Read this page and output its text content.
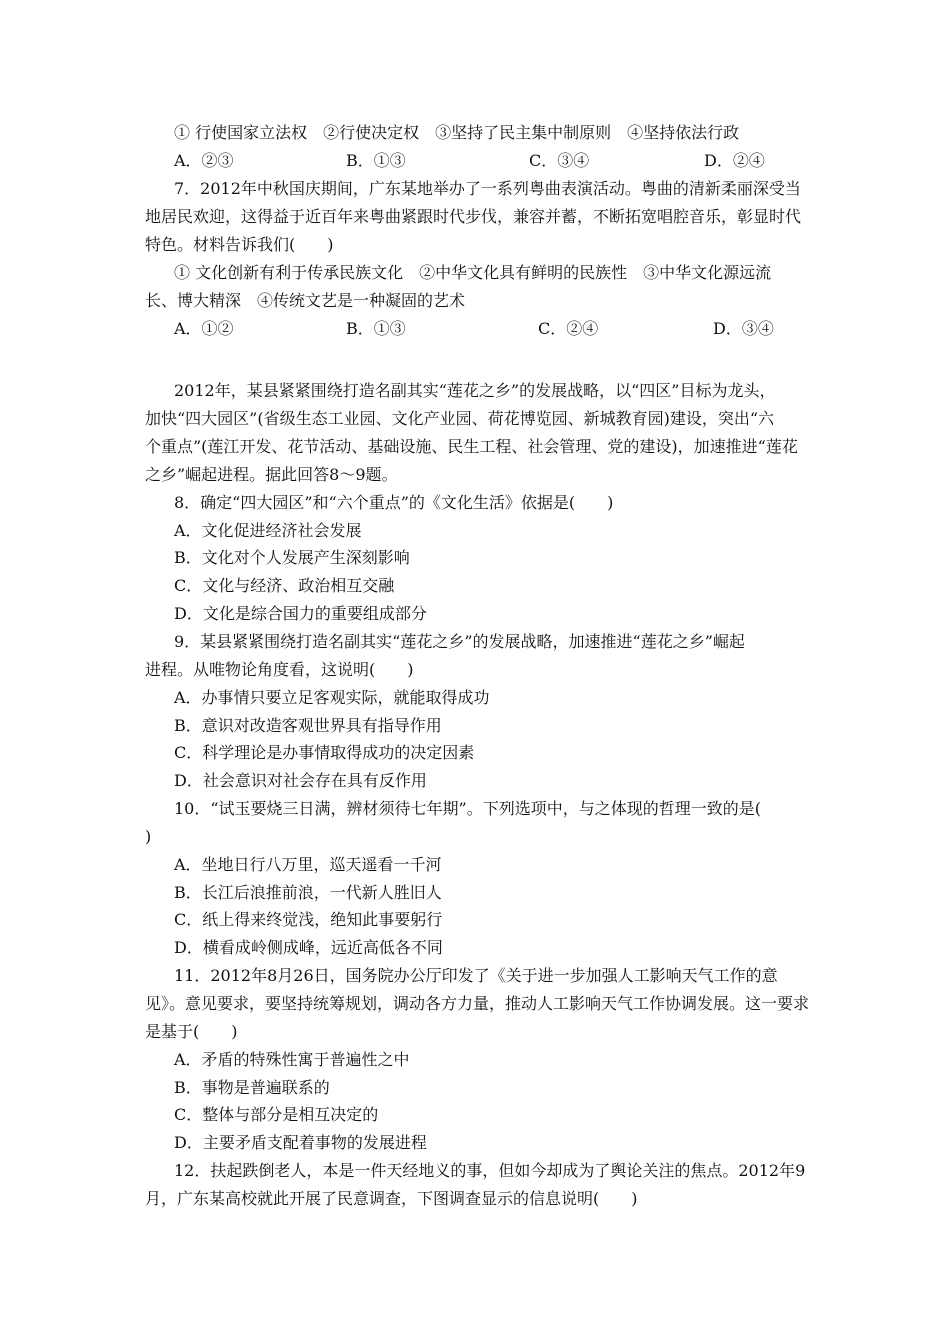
① 行使国家立法权　②行使决定权　③坚持了民主集中制原则　④坚持依法行政
A．②③	B．①③	C．③④	D．②④
7．2012年中秋国庆期间，广东某地举办了一系列粤曲表演活动。粤曲的清新柔丽深受当
地居民欢迎，这得益于近百年来粤曲紧跟时代步伐，兼容并蓄，不断拓宽唱腔音乐，彰显时代
特色。材料告诉我们(　　)
① 文化创新有利于传承民族文化　②中华文化具有鲜明的民族性　③中华文化源远流
长、博大精深　④传统文艺是一种凝固的艺术
A．①②	B．①③	C．②④	D．③④
2012年，某县紧紧围绕打造名副其实“莲花之乡”的发展战略，以“四区”目标为龙头，
加快“四大园区”(省级生态工业园、文化产业园、荷花博览园、新城教育园)建设，突出“六
个重点”(莲江开发、花节活动、基础设施、民生工程、社会管理、党的建设)，加速推进“莲花
之乡”崛起进程。据此回答8～9题。
8．确定“四大园区”和“六个重点”的《文化生活》依据是(　　)
A．文化促进经济社会发展
B．文化对个人发展产生深刻影响
C．文化与经济、政治相互交融
D．文化是综合国力的重要组成部分
9．某县紧紧围绕打造名副其实“莲花之乡”的发展战略，加速推进“莲花之乡”崛起
进程。从唯物论角度看，这说明(　　)
A．办事情只要立足客观实际，就能取得成功
B．意识对改造客观世界具有指导作用
C．科学理论是办事情取得成功的决定因素
D．社会意识对社会存在具有反作用
10．“试玉要烧三日满，辨材须待七年期”。下列选项中，与之体现的哲理一致的是(
)
A．坐地日行八万里，巡天遥看一千河
B．长江后浪推前浪，一代新人胜旧人
C．纸上得来终觉浅，绝知此事要躬行
D．横看成岭侧成峰，远近高低各不同
11．2012年8月26日，国务院办公厅印发了《关于进一步加强人工影响天气工作的意
见》。意见要求，要坚持统筹规划，调动各方力量，推动人工影响天气工作协调发展。这一要求
是基于(　　)
A．矛盾的特殊性寓于普遍性之中
B．事物是普遍联系的
C．整体与部分是相互决定的
D．主要矛盾支配着事物的发展进程
12．扶起跌倒老人，本是一件天经地义的事，但如今却成为了舆论关注的焦点。2012年9
月，广东某高校就此开展了民意调查，下图调查显示的信息说明(　　)
